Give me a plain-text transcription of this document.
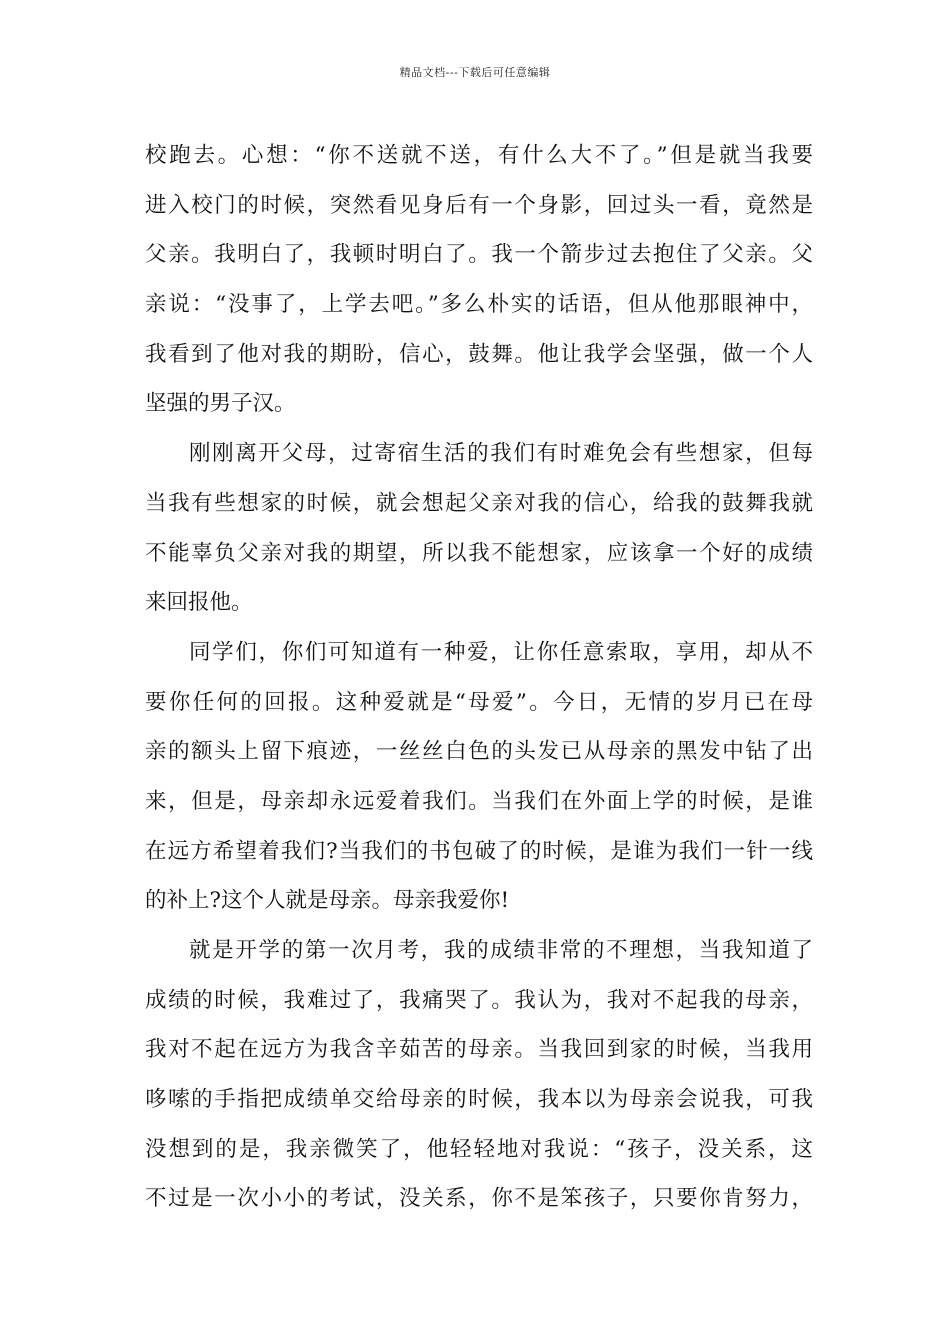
精品文档---下载后可任意编辑
校跑去。心想：“你不送就不送，有什么大不了。”但是就当我要
进入校门的时候，突然看见身后有一个身影，回过头一看，竟然是
父亲。我明白了，我顿时明白了。我一个箭步过去抱住了父亲。父
亲说：“没事了，上学去吧。”多么朴实的话语，但从他那眼神中，
我看到了他对我的期盼，信心，鼓舞。他让我学会坚强，做一个人
坚强的男子汉。
刚刚离开父母，过寄宿生活的我们有时难免会有些想家，但每
当我有些想家的时候，就会想起父亲对我的信心，给我的鼓舞我就
不能辜负父亲对我的期望，所以我不能想家，应该拿一个好的成绩
来回报他。
同学们，你们可知道有一种爱，让你任意索取，享用，却从不
要你任何的回报。这种爱就是“母爱”。今日，无情的岁月已在母
亲的额头上留下痕迹，一丝丝白色的头发已从母亲的黑发中钻了出
来，但是，母亲却永远爱着我们。当我们在外面上学的时候，是谁
在远方希望着我们?当我们的书包破了的时候，是谁为我们一针一线
的补上?这个人就是母亲。母亲我爱你!
就是开学的第一次月考，我的成绩非常的不理想，当我知道了
成绩的时候，我难过了，我痛哭了。我认为，我对不起我的母亲，
我对不起在远方为我含辛茹苦的母亲。当我回到家的时候，当我用
哆嗦的手指把成绩单交给母亲的时候，我本以为母亲会说我，可我
没想到的是，我亲微笑了，他轻轻地对我说：“孩子，没关系，这
不过是一次小小的考试，没关系，你不是笨孩子，只要你肯努力，
